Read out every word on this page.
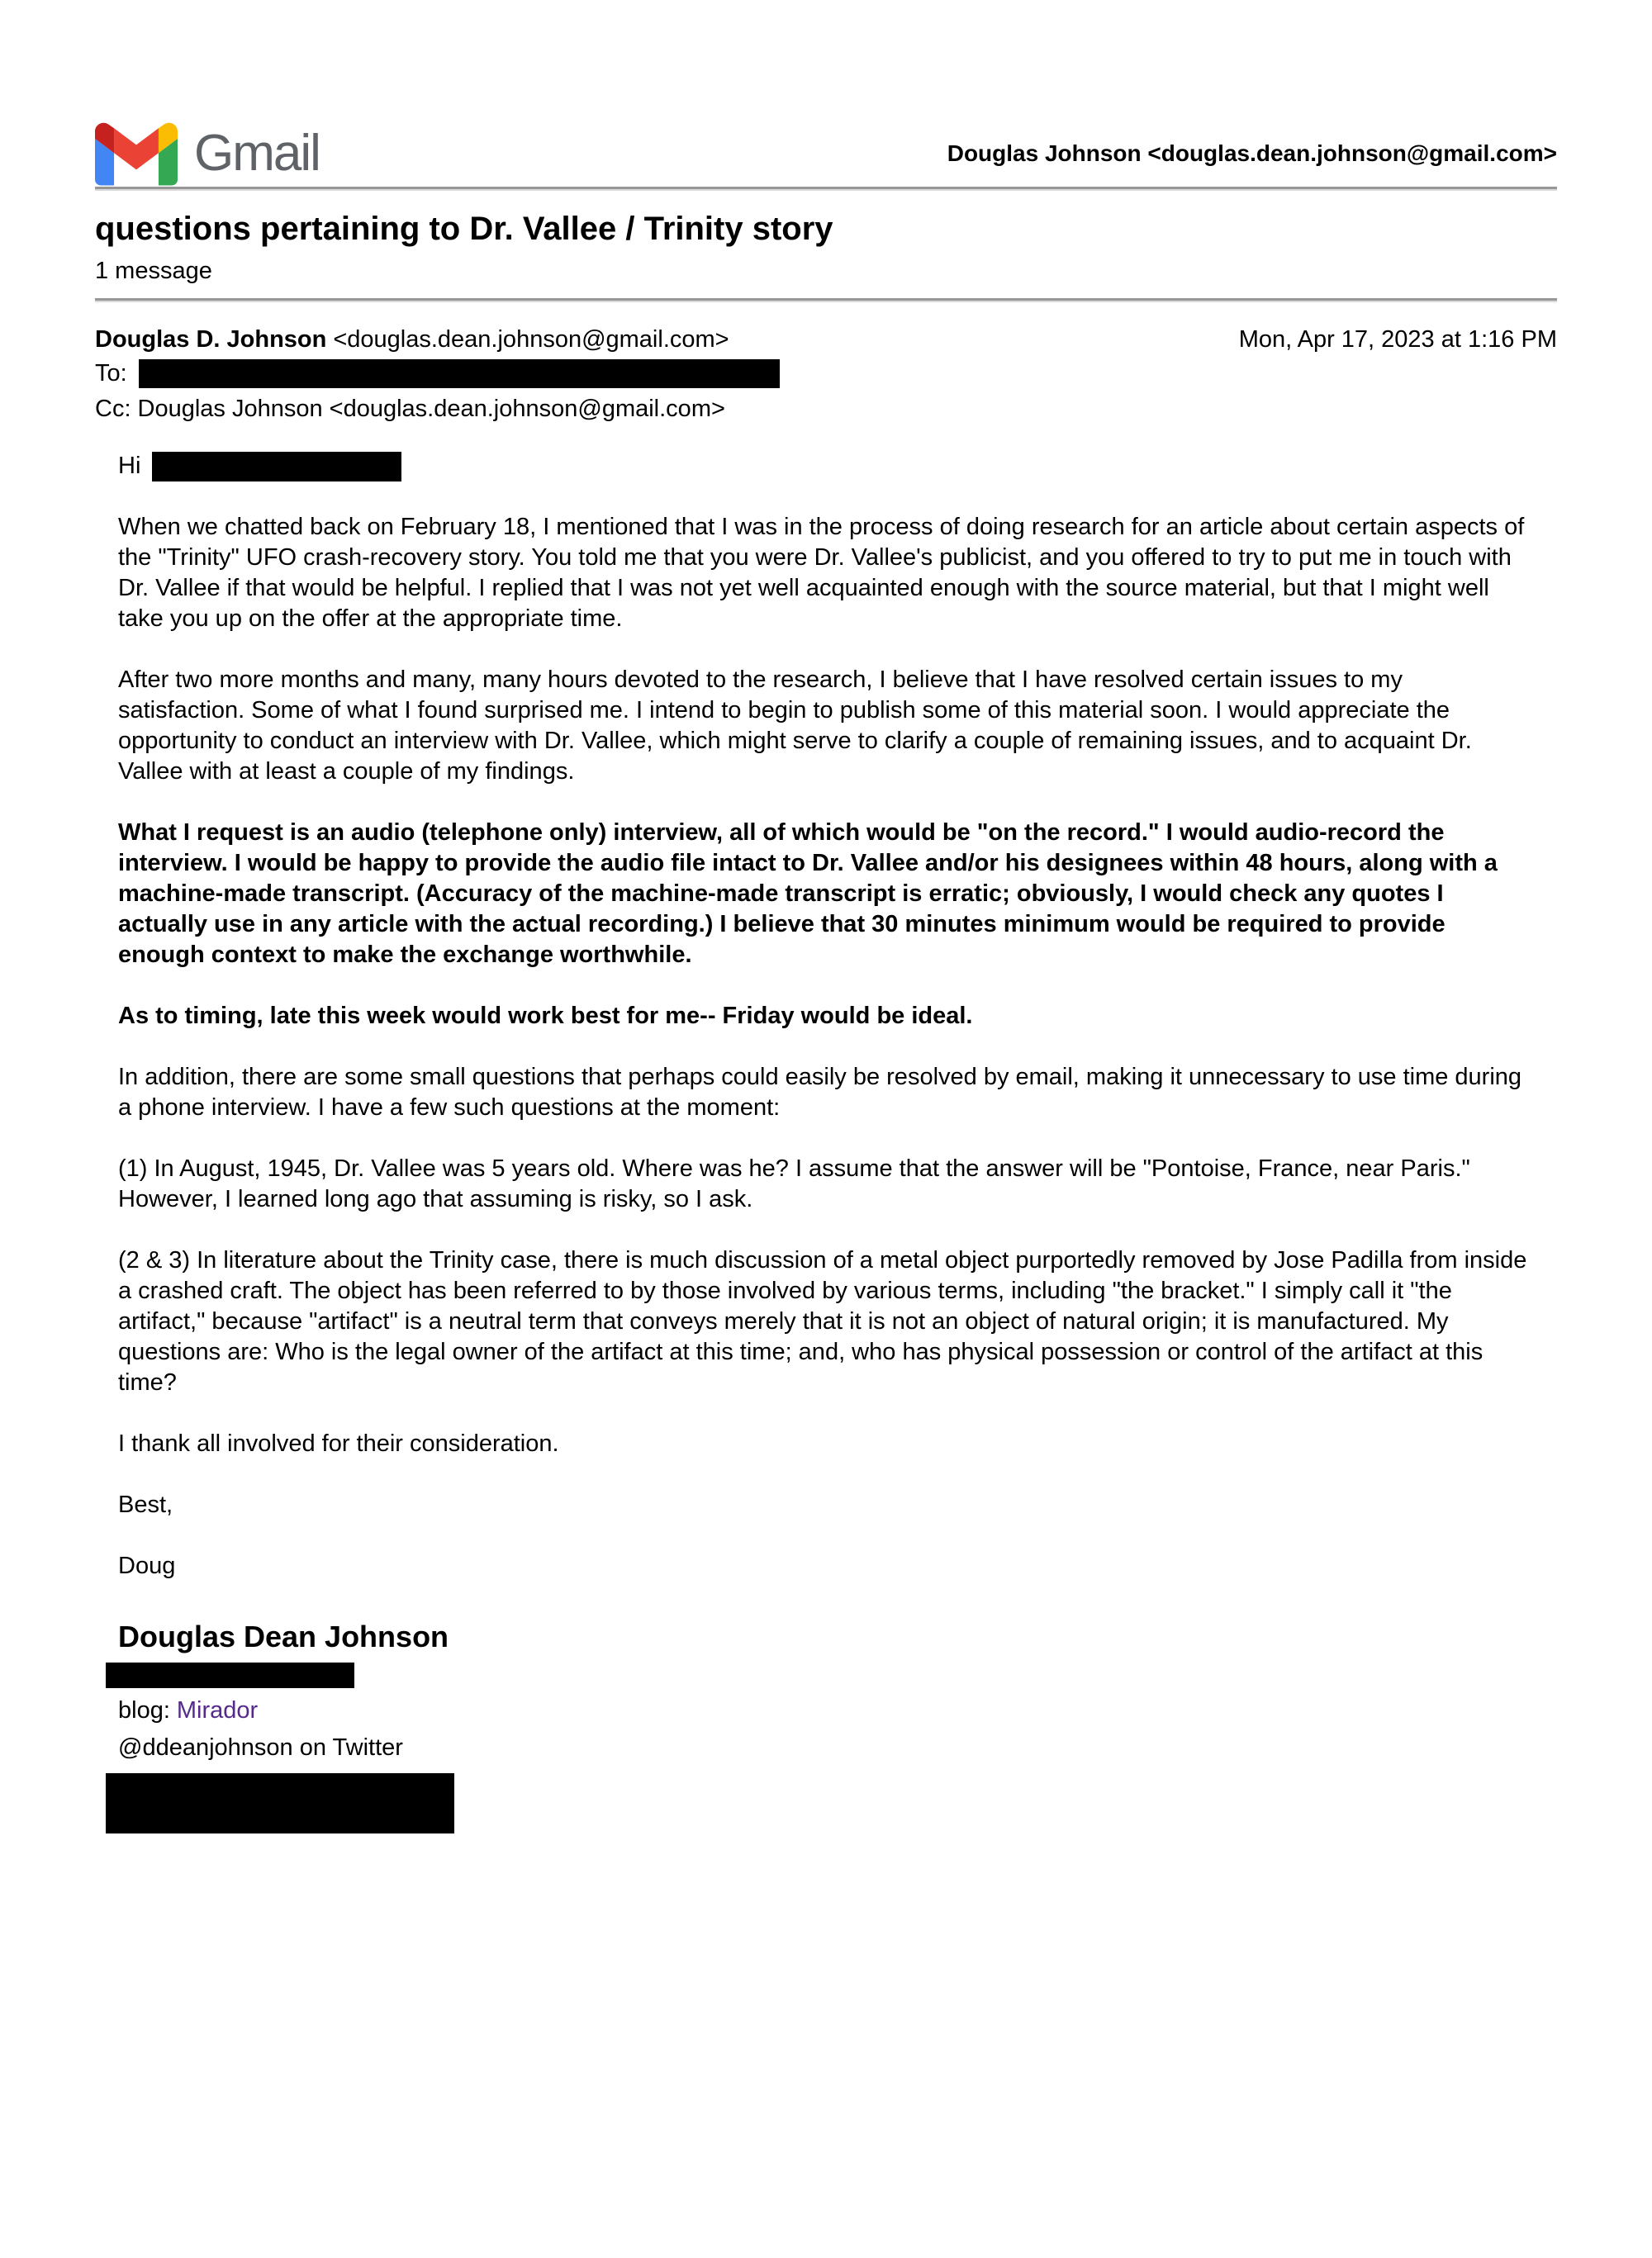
Gmail	Douglas Johnson <douglas.dean.johnson@gmail.com>
questions pertaining to Dr. Vallee / Trinity story
1 message
Douglas D. Johnson <douglas.dean.johnson@gmail.com>	Mon, Apr 17, 2023 at 1:16 PM
To:
Cc: Douglas Johnson <douglas.dean.johnson@gmail.com>
Hi

When we chatted back on February 18, I mentioned that I was in the process of doing research for an article about certain aspects of the "Trinity" UFO crash-recovery story. You told me that you were Dr. Vallee's publicist, and you offered to try to put me in touch with Dr. Vallee if that would be helpful. I replied that I was not yet well acquainted enough with the source material, but that I might well take you up on the offer at the appropriate time.

After two more months and many, many hours devoted to the research, I believe that I have resolved certain issues to my satisfaction. Some of what I found surprised me. I intend to begin to publish some of this material soon. I would appreciate the opportunity to conduct an interview with Dr. Vallee, which might serve to clarify a couple of remaining issues, and to acquaint Dr. Vallee with at least a couple of my findings.

What I request is an audio (telephone only) interview, all of which would be "on the record." I would audio-record the interview. I would be happy to provide the audio file intact to Dr. Vallee and/or his designees within 48 hours, along with a machine-made transcript. (Accuracy of the machine-made transcript is erratic; obviously, I would check any quotes I actually use in any article with the actual recording.) I believe that 30 minutes minimum would be required to provide enough context to make the exchange worthwhile.

As to timing, late this week would work best for me-- Friday would be ideal.

In addition, there are some small questions that perhaps could easily be resolved by email, making it unnecessary to use time during a phone interview. I have a few such questions at the moment:

(1) In August, 1945, Dr. Vallee was 5 years old. Where was he? I assume that the answer will be "Pontoise, France, near Paris." However, I learned long ago that assuming is risky, so I ask.

(2 & 3) In literature about the Trinity case, there is much discussion of a metal object purportedly removed by Jose Padilla from inside a crashed craft. The object has been referred to by those involved by various terms, including "the bracket." I simply call it "the artifact," because "artifact" is a neutral term that conveys merely that it is not an object of natural origin; it is manufactured. My questions are: Who is the legal owner of the artifact at this time; and, who has physical possession or control of the artifact at this time?

I thank all involved for their consideration.

Best,

Doug

Douglas Dean Johnson
blog: Mirador
@ddeanjohnson on Twitter
